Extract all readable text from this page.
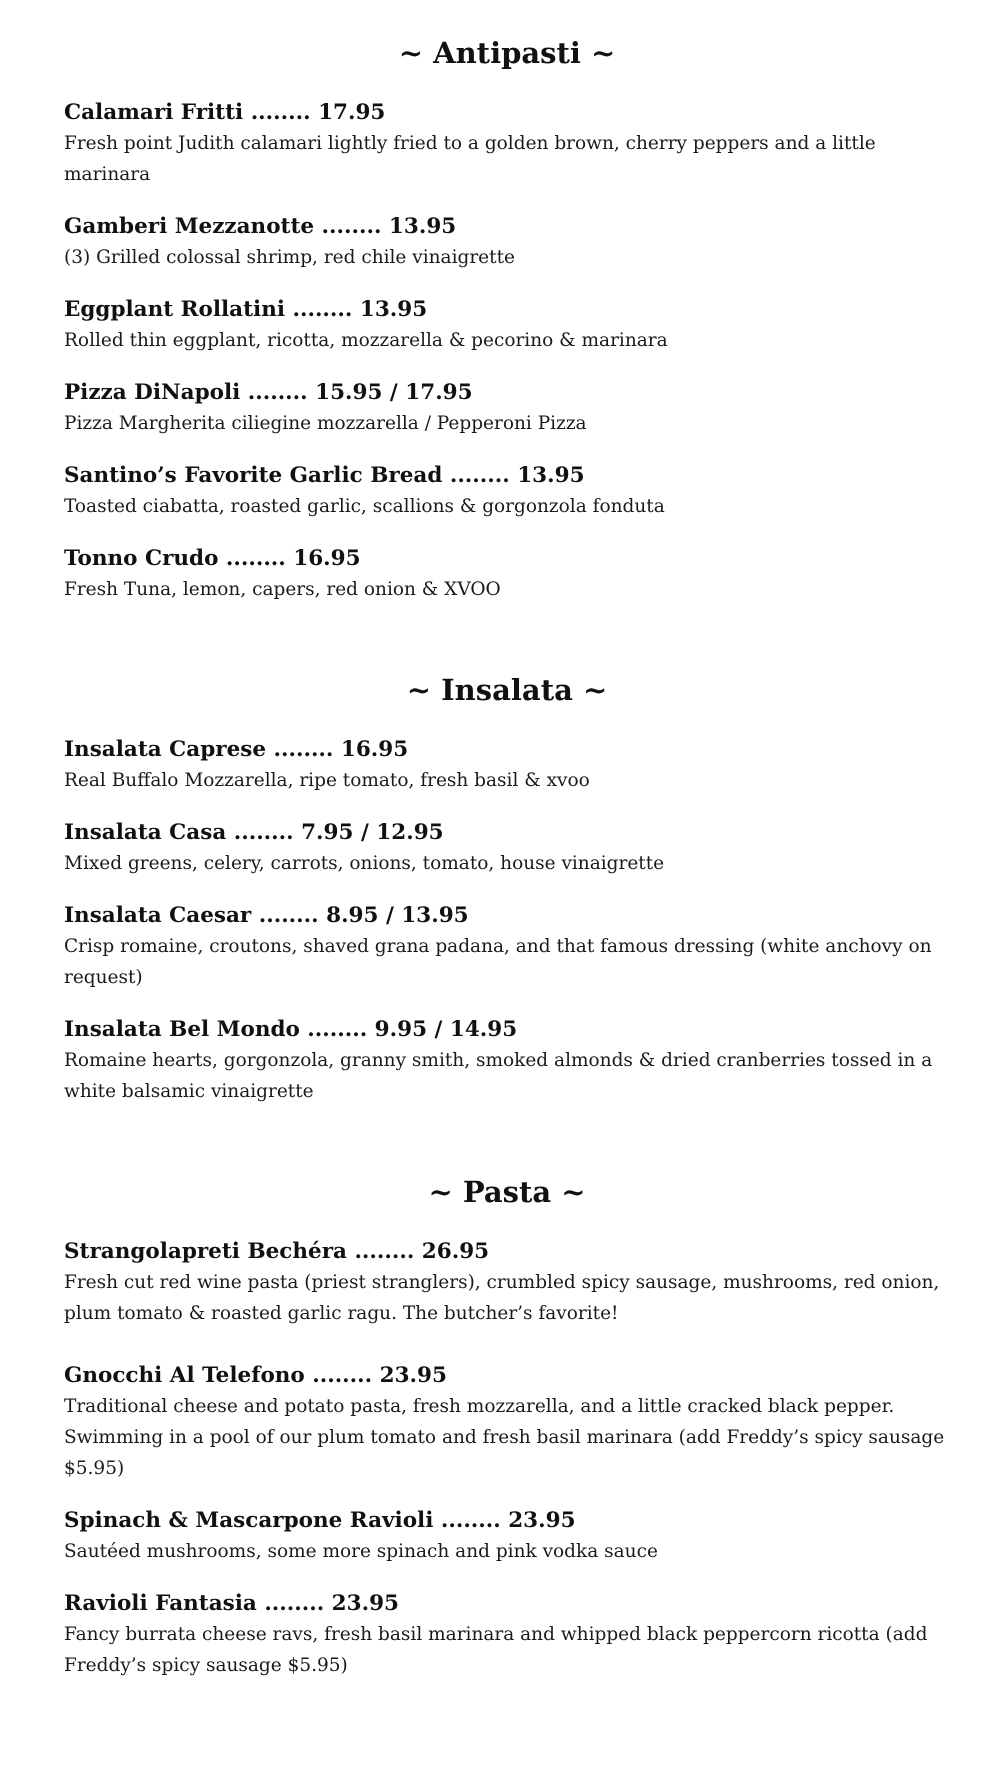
~ Antipasti ~
Calamari Fritti ........ 17.95
Fresh point Judith calamari lightly fried to a golden brown, cherry peppers and a little marinara
Gamberi Mezzanotte ........ 13.95
(3) Grilled colossal shrimp, red chile vinaigrette
Eggplant Rollatini ........ 13.95
Rolled thin eggplant, ricotta, mozzarella & pecorino & marinara
Pizza DiNapoli ........ 15.95 / 17.95
Pizza Margherita ciliegine mozzarella / Pepperoni Pizza
Santino’s Favorite Garlic Bread ........ 13.95
Toasted ciabatta, roasted garlic, scallions & gorgonzola fonduta
Tonno Crudo ........ 16.95
Fresh Tuna, lemon, capers, red onion & XVOO
~ Insalata ~
Insalata Caprese ........ 16.95
Real Buffalo Mozzarella, ripe tomato, fresh basil & xvoo
Insalata Casa ........ 7.95 / 12.95
Mixed greens, celery, carrots, onions, tomato, house vinaigrette
Insalata Caesar ........ 8.95 / 13.95
Crisp romaine, croutons, shaved grana padana, and that famous dressing (white anchovy on request)
Insalata Bel Mondo ........ 9.95 / 14.95
Romaine hearts, gorgonzola, granny smith, smoked almonds & dried cranberries tossed in a white balsamic vinaigrette
~ Pasta ~
Strangolapreti Bechéra ........ 26.95
Fresh cut red wine pasta (priest stranglers), crumbled spicy sausage, mushrooms, red onion, plum tomato & roasted garlic ragu. The butcher’s favorite!
Gnocchi Al Telefono ........ 23.95
Traditional cheese and potato pasta, fresh mozzarella, and a little cracked black pepper. Swimming in a pool of our plum tomato and fresh basil marinara (add Freddy’s spicy sausage $5.95)
Spinach & Mascarpone Ravioli ........ 23.95
Sautéed mushrooms, some more spinach and pink vodka sauce
Ravioli Fantasia ........ 23.95
Fancy burrata cheese ravs, fresh basil marinara and whipped black peppercorn ricotta (add Freddy’s spicy sausage $5.95)
